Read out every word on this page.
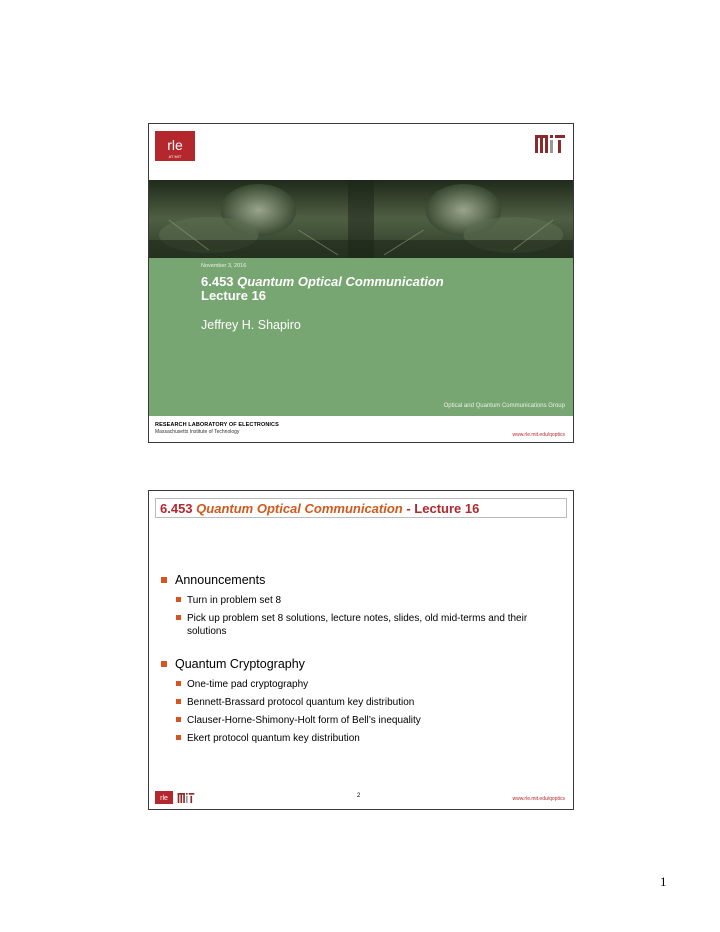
rle
AT MIT
November 3, 2016
6.453 Quantum Optical Communication
Lecture 16
Jeffrey H. Shapiro
Optical and Quantum Communications Group
RESEARCH LABORATORY OF ELECTRONICS
Massachusetts Institute of Technology	www.rle.mit.edu/qoptics
6.453 Quantum Optical Communication - Lecture 16
Announcements
Turn in problem set 8
Pick up problem set 8 solutions, lecture notes, slides, old mid-terms and their solutions
Quantum Cryptography
One-time pad cryptography
Bennett-Brassard protocol quantum key distribution
Clauser-Horne-Shimony-Holt form of Bell’s inequality
Ekert protocol quantum key distribution
rle	2	www.rle.mit.edu/qoptics
1
